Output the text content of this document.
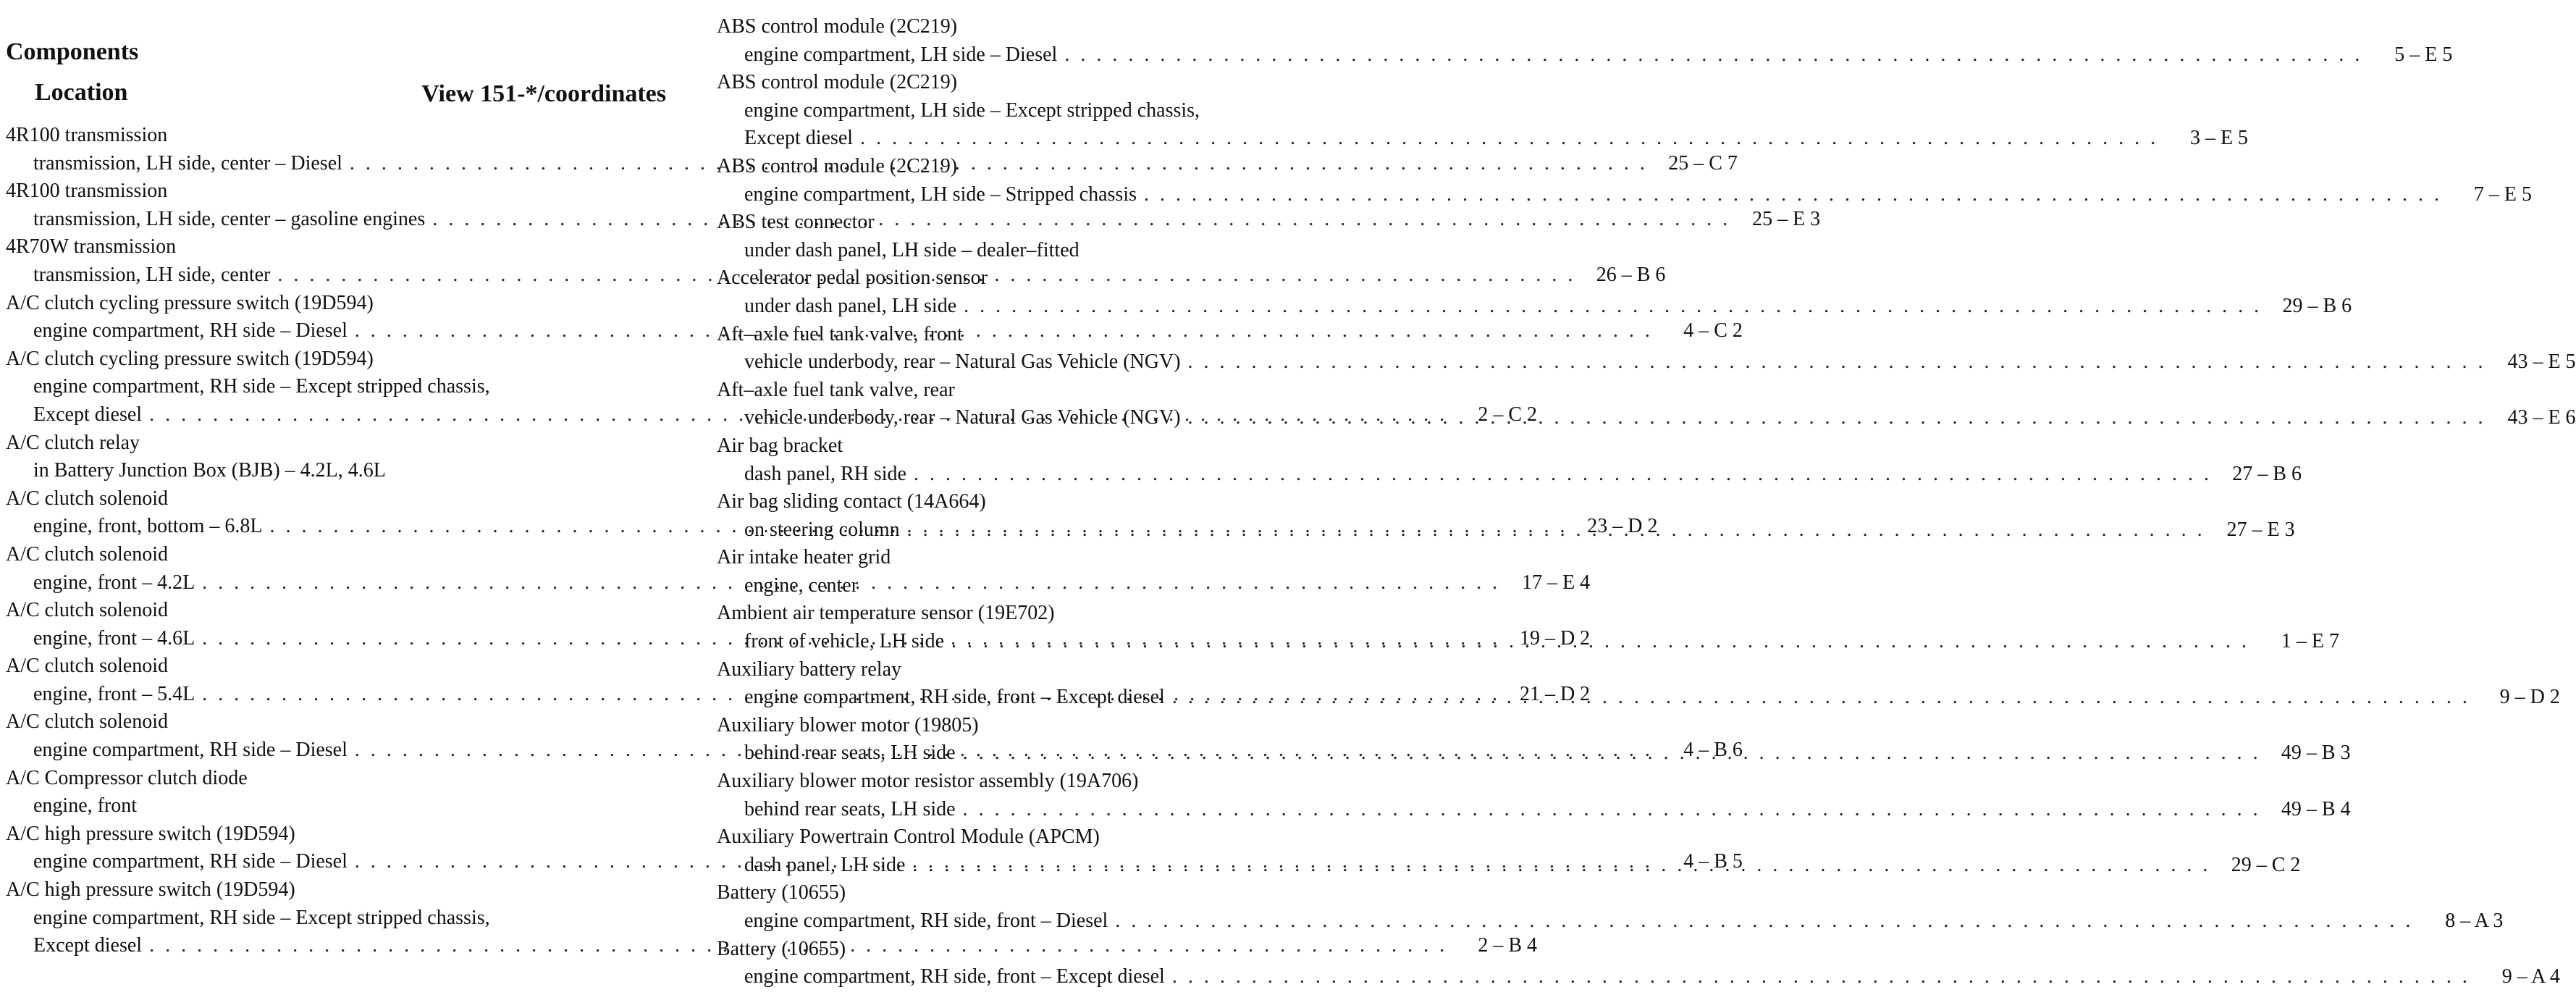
Components
Location	View 151-*/coordinates
4R100 transmission
transmission, LH side, center – Diesel . . .	25 – C 7
4R100 transmission
transmission, LH side, center – gasoline engines . . .	25 – E 3
4R70W transmission
transmission, LH side, center . . .	26 – B 6
A/C clutch cycling pressure switch (19D594)
engine compartment, RH side – Diesel . . .	4 – C 2
A/C clutch cycling pressure switch (19D594)
engine compartment, RH side – Except stripped chassis,
Except diesel . . .	2 – C 2
A/C clutch relay
in Battery Junction Box (BJB) – 4.2L, 4.6L
A/C clutch solenoid
engine, front, bottom – 6.8L . . .	23 – D 2
A/C clutch solenoid
engine, front – 4.2L . . .	17 – E 4
A/C clutch solenoid
engine, front – 4.6L . . .	19 – D 2
A/C clutch solenoid
engine, front – 5.4L . . .	21 – D 2
A/C clutch solenoid
engine compartment, RH side – Diesel . . .	4 – B 6
A/C Compressor clutch diode
engine, front
A/C high pressure switch (19D594)
engine compartment, RH side – Diesel . . .	4 – B 5
A/C high pressure switch (19D594)
engine compartment, RH side – Except stripped chassis,
Except diesel . . .	2 – B 4
ABS control module (2C219)
engine compartment, LH side – Diesel . . .	5 – E 5
ABS control module (2C219)
engine compartment, LH side – Except stripped chassis,
Except diesel . . .	3 – E 5
ABS control module (2C219)
engine compartment, LH side – Stripped chassis . . .	7 – E 5
ABS test connector
under dash panel, LH side – dealer–fitted
Accelerator pedal position sensor
under dash panel, LH side . . .	29 – B 6
Aft–axle fuel tank valve, front
vehicle underbody, rear – Natural Gas Vehicle (NGV) . . .	43 – E 5
Aft–axle fuel tank valve, rear
vehicle underbody, rear – Natural Gas Vehicle (NGV) . . .	43 – E 6
Air bag bracket
dash panel, RH side . . .	27 – B 6
Air bag sliding contact (14A664)
on steering column . . .	27 – E 3
Air intake heater grid
engine, center
Ambient air temperature sensor (19E702)
front of vehicle, LH side . . .	1 – E 7
Auxiliary battery relay
engine compartment, RH side, front – Except diesel . . .	9 – D 2
Auxiliary blower motor (19805)
behind rear seats, LH side . . .	49 – B 3
Auxiliary blower motor resistor assembly (19A706)
behind rear seats, LH side . . .	49 – B 4
Auxiliary Powertrain Control Module (APCM)
dash panel, LH side . . .	29 – C 2
Battery (10655)
engine compartment, RH side, front – Diesel . . .	8 – A 3
Battery (10655)
engine compartment, RH side, front – Except diesel . . .	9 – A 4
